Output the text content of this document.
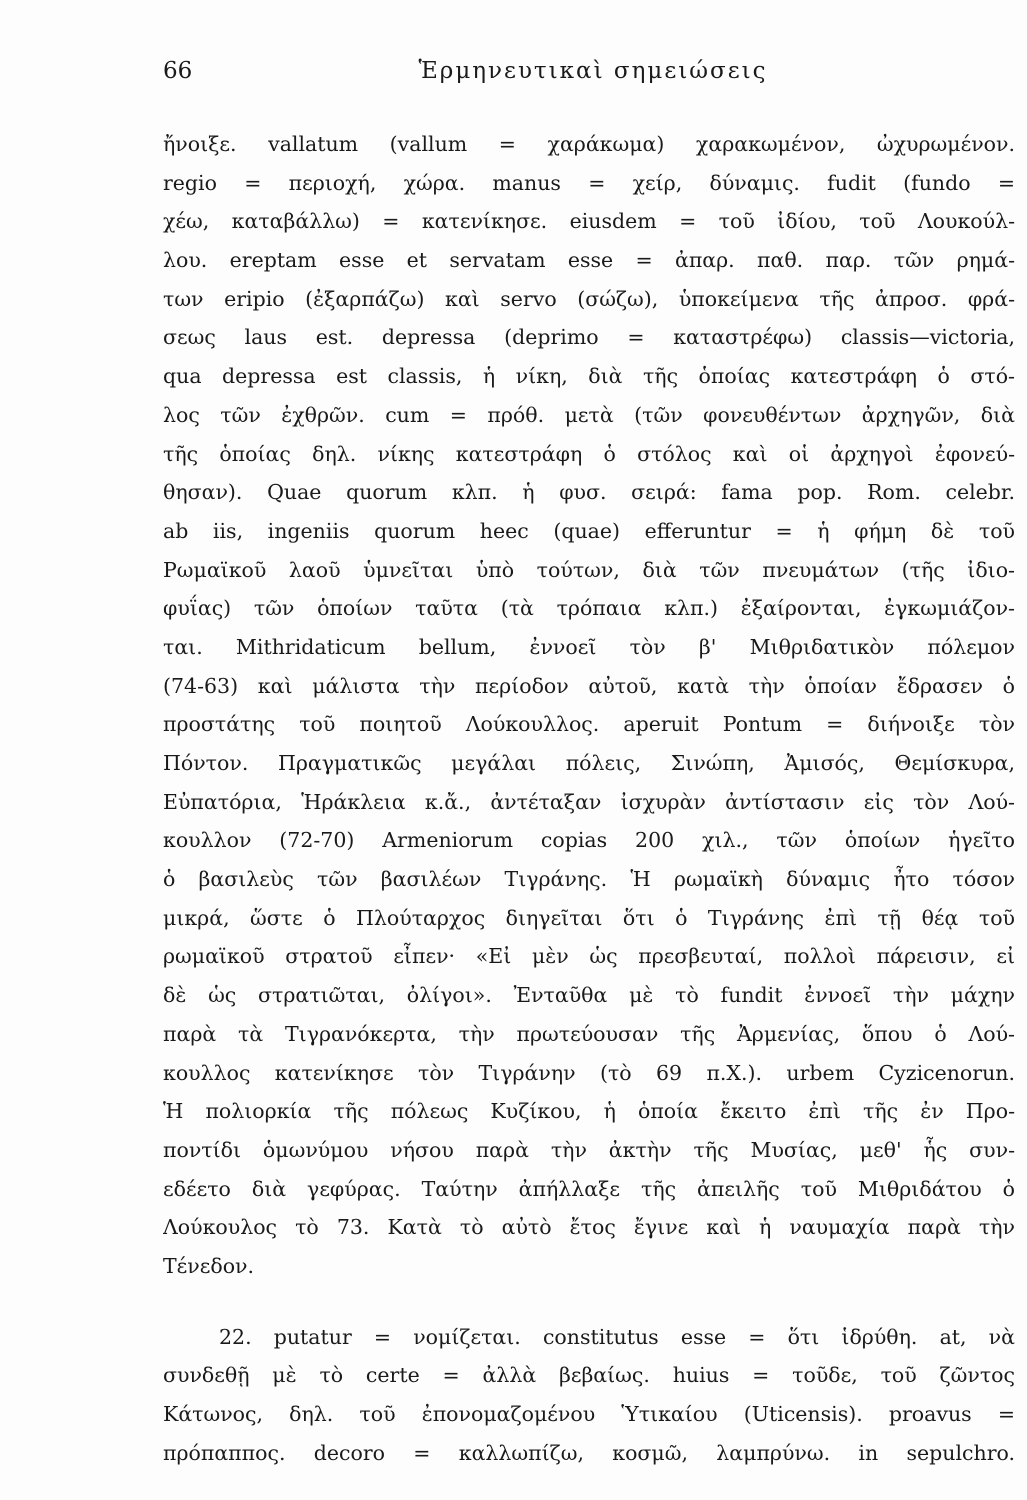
66	Ἑρμηνευτικαὶ σημειώσεις
ἤνοιξε. vallatum (vallum = χαράκωμα) χαρακωμένον, ὠχυρωμένον.
regio = περιοχή, χώρα. manus = χείρ, δύναμις. fudit (fundo =
χέω, καταβάλλω) = κατενίκησε. eiusdem = τοῦ ἰδίου, τοῦ Λουκούλ-
λου. ereptam esse et servatam esse = ἀπαρ. παθ. παρ. τῶν ρημά-
των eripio (ἐξαρπάζω) καὶ servo (σώζω), ὑποκείμενα τῆς ἀπροσ. φρά-
σεως laus est. depressa (deprimo = καταστρέφω) classis—victoria,
qua depressa est classis, ἡ νίκη, διὰ τῆς ὁποίας κατεστράφη ὁ στό-
λος τῶν ἐχθρῶν. cum = πρόθ. μετὰ (τῶν φονευθέντων ἀρχηγῶν, διὰ
τῆς ὁποίας δηλ. νίκης κατεστράφη ὁ στόλος καὶ οἱ ἀρχηγοὶ ἐφονεύ-
θησαν). Quae quorum κλπ. ἡ φυσ. σειρά: fama pop. Rom. celebr.
ab iis, ingeniis quorum heec (quae) efferuntur = ἡ φήμη δὲ τοῦ
Ρωμαϊκοῦ λαοῦ ὑμνεῖται ὑπὸ τούτων, διὰ τῶν πνευμάτων (τῆς ἰδιο-
φυΐας) τῶν ὁποίων ταῦτα (τὰ τρόπαια κλπ.) ἐξαίρονται, ἐγκωμιάζον-
ται. Mithridaticum bellum, ἐννοεῖ τὸν β' Μιθριδατικὸν πόλεμον
(74-63) καὶ μάλιστα τὴν περίοδον αὐτοῦ, κατὰ τὴν ὁποίαν ἔδρασεν ὁ
προστάτης τοῦ ποιητοῦ Λούκουλλος. aperuit Pontum = διήνοιξε τὸν
Πόντον. Πραγματικῶς μεγάλαι πόλεις, Σινώπη, Ἀμισός, Θεμίσκυρα,
Εὐπατόρια, Ἡράκλεια κ.ἄ., ἀντέταξαν ἰσχυρὰν ἀντίστασιν εἰς τὸν Λού-
κουλλον (72-70) Armeniorum copias 200 χιλ., τῶν ὁποίων ἡγεῖτο
ὁ βασιλεὺς τῶν βασιλέων Τιγράνης. Ἡ ρωμαϊκὴ δύναμις ἦτο τόσον
μικρά, ὥστε ὁ Πλούταρχος διηγεῖται ὅτι ὁ Τιγράνης ἐπὶ τῇ θέᾳ τοῦ
ρωμαϊκοῦ στρατοῦ εἶπεν· «Εἰ μὲν ὡς πρεσβευταί, πολλοὶ πάρεισιν, εἰ
δὲ ὡς στρατιῶται, ὀλίγοι». Ἐνταῦθα μὲ τὸ fundit ἐννοεῖ τὴν μάχην
παρὰ τὰ Τιγρανόκερτα, τὴν πρωτεύουσαν τῆς Ἀρμενίας, ὅπου ὁ Λού-
κουλλος κατενίκησε τὸν Τιγράνην (τὸ 69 π.Χ.). urbem Cyzicenorun.
Ἡ πολιορκία τῆς πόλεως Κυζίκου, ἡ ὁποία ἔκειτο ἐπὶ τῆς ἐν Προ-
ποντίδι ὁμωνύμου νήσου παρὰ τὴν ἀκτὴν τῆς Μυσίας, μεθ' ἧς συν-
εδέετο διὰ γεφύρας. Ταύτην ἀπήλλαξε τῆς ἀπειλῆς τοῦ Μιθριδάτου ὁ
Λούκουλος τὸ 73. Κατὰ τὸ αὐτὸ ἔτος ἔγινε καὶ ἡ ναυμαχία παρὰ τὴν
Τένεδον.
22. putatur = νομίζεται. constitutus esse = ὅτι ἱδρύθη. at, νὰ
συνδεθῇ μὲ τὸ certe = ἀλλὰ βεβαίως. huius = τοῦδε, τοῦ ζῶντος
Κάτωνος, δηλ. τοῦ ἐπονομαζομένου Ὑτικαίου (Uticensis). proavus =
πρόπαππος. decoro = καλλωπίζω, κοσμῶ, λαμπρύνω. in sepulchro.
